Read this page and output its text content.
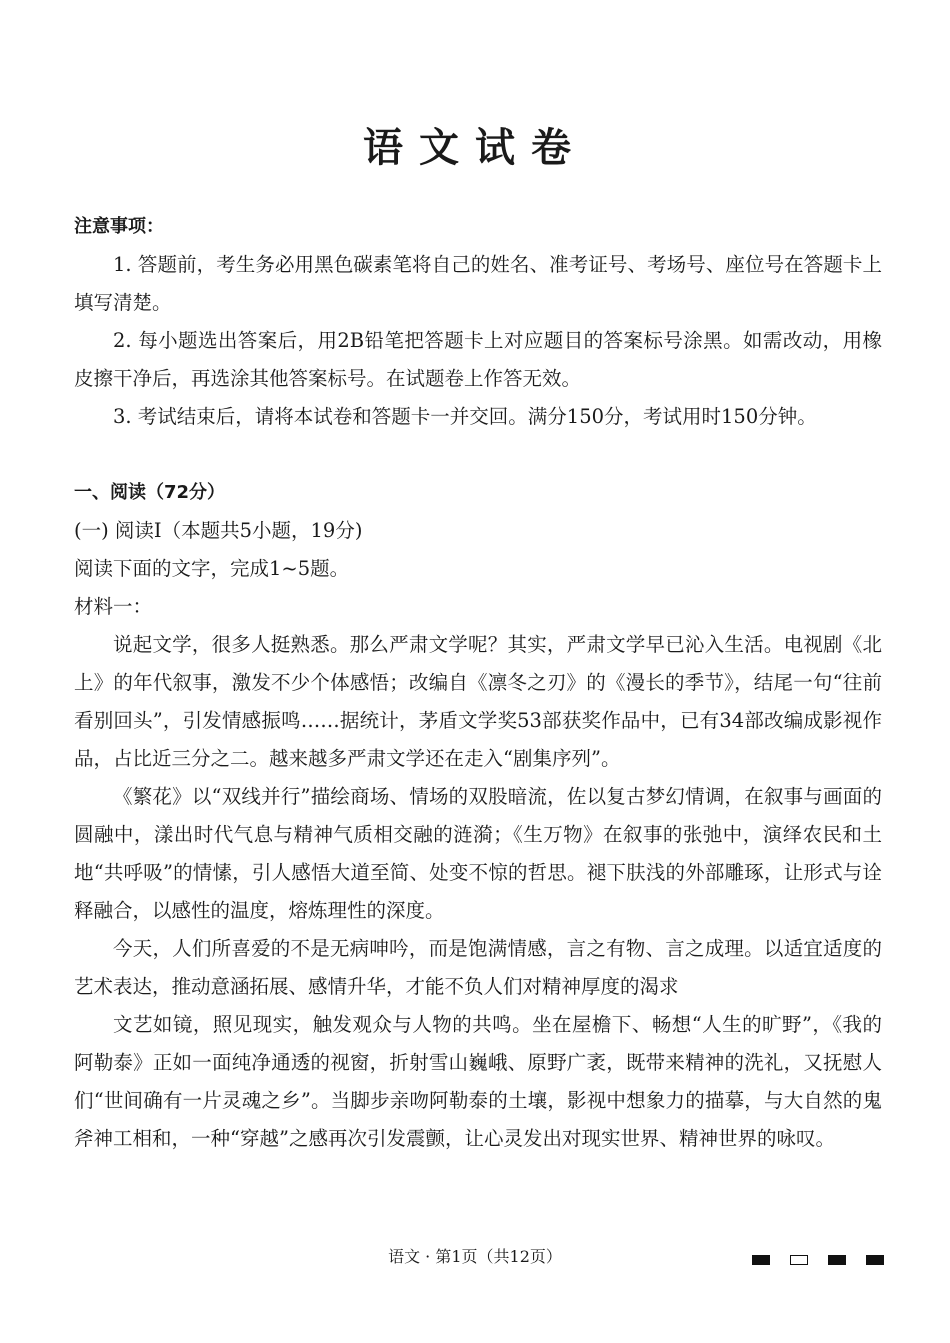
语文试卷

注意事项：

1. 答题前，考生务必用黑色碳素笔将自己的姓名、准考证号、考场号、座位号在答题卡上填写清楚。

2. 每小题选出答案后，用2B铅笔把答题卡上对应题目的答案标号涂黑。如需改动，用橡皮擦干净后，再选涂其他答案标号。在试题卷上作答无效。

3. 考试结束后，请将本试卷和答题卡一并交回。满分150分，考试用时150分钟。

一、阅读（72分）

(一) 阅读Ⅰ（本题共5小题，19分)

阅读下面的文字，完成1~5题。

材料一：

说起文学，很多人挺熟悉。那么严肃文学呢？其实，严肃文学早已沁入生活。电视剧《北上》的年代叙事，激发不少个体感悟；改编自《凛冬之刃》的《漫长的季节》，结尾一句“往前看别回头”，引发情感振鸣……据统计，茅盾文学奖53部获奖作品中，已有34部改编成影视作品，占比近三分之二。越来越多严肃文学还在走入“剧集序列”。

《繁花》以“双线并行”描绘商场、情场的双股暗流，佐以复古梦幻情调，在叙事与画面的圆融中，漾出时代气息与精神气质相交融的涟漪；《生万物》在叙事的张弛中，演绎农民和土地“共呼吸”的情愫，引人感悟大道至简、处变不惊的哲思。褪下肤浅的外部雕琢，让形式与诠释融合，以感性的温度，熔炼理性的深度。

今天，人们所喜爱的不是无病呻吟，而是饱满情感，言之有物、言之成理。以适宜适度的艺术表达，推动意涵拓展、感情升华，才能不负人们对精神厚度的渴求

文艺如镜，照见现实，触发观众与人物的共鸣。坐在屋檐下、畅想“人生的旷野”，《我的阿勒泰》正如一面纯净通透的视窗，折射雪山巍峨、原野广袤，既带来精神的洗礼，又抚慰人们“世间确有一片灵魂之乡”。当脚步亲吻阿勒泰的土壤，影视中想象力的描摹，与大自然的鬼斧神工相和，一种“穿越”之感再次引发震颤，让心灵发出对现实世界、精神世界的咏叹。

语文 · 第1页（共12页）
